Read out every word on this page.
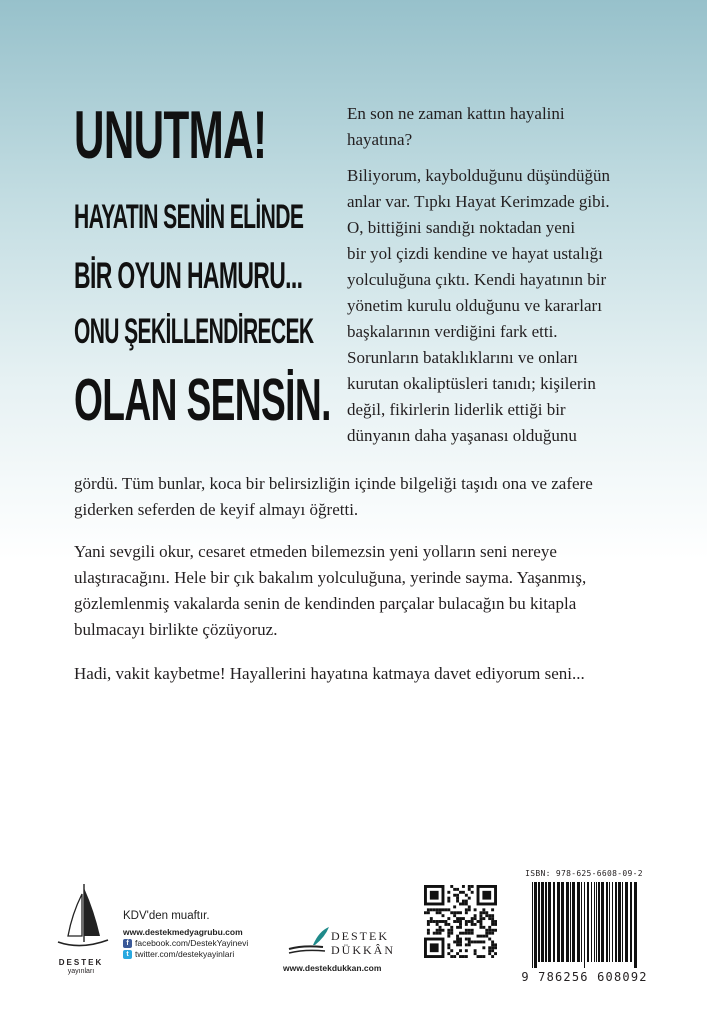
UNUTMA!
HAYATIN SENİN ELİNDE
BİR OYUN HAMURU...
ONU ŞEKİLLENDİRECEK
OLAN SENSİN.

En son ne zaman kattın hayalini hayatına?

Biliyorum, kaybolduğunu düşündüğün
anlar var. Tıpkı Hayat Kerimzade gibi.
O, bittiğini sandığı noktadan yeni
bir yol çizdi kendine ve hayat ustalığı
yolculuğuna çıktı. Kendi hayatının bir
yönetim kurulu olduğunu ve kararları
başkalarının verdiğini fark etti.
Sorunların bataklıklarını ve onları
kurutan okaliptüsleri tanıdı; kişilerin
değil, fikirlerin liderlik ettiği bir
dünyanın daha yaşanası olduğunu
gördü. Tüm bunlar, koca bir belirsizliğin içinde bilgeliği taşıdı ona ve zafere
giderken seferden de keyif almayı öğretti.
Yani sevgili okur, cesaret etmeden bilemezsin yeni yolların seni nereye
ulaştıracağını. Hele bir çık bakalım yolculuğuna, yerinde sayma. Yaşanmış,
gözlemlenmiş vakalarda senin de kendinden parçalar bulacağın bu kitapla
bulmacayı birlikte çözüyoruz.
Hadi, vakit kaybetme! Hayallerini hayatına katmaya davet ediyorum seni...
DESTEK
yayınları
KDV'den muaftır.
www.destekmedyagrubu.com
f facebook.com/DestekYayinevi
t twitter.com/destekyayinlari
DESTEK
DÜKKÂN
www.destekdukkan.com
ISBN: 978-625-6608-09-2
9 786256 608092
